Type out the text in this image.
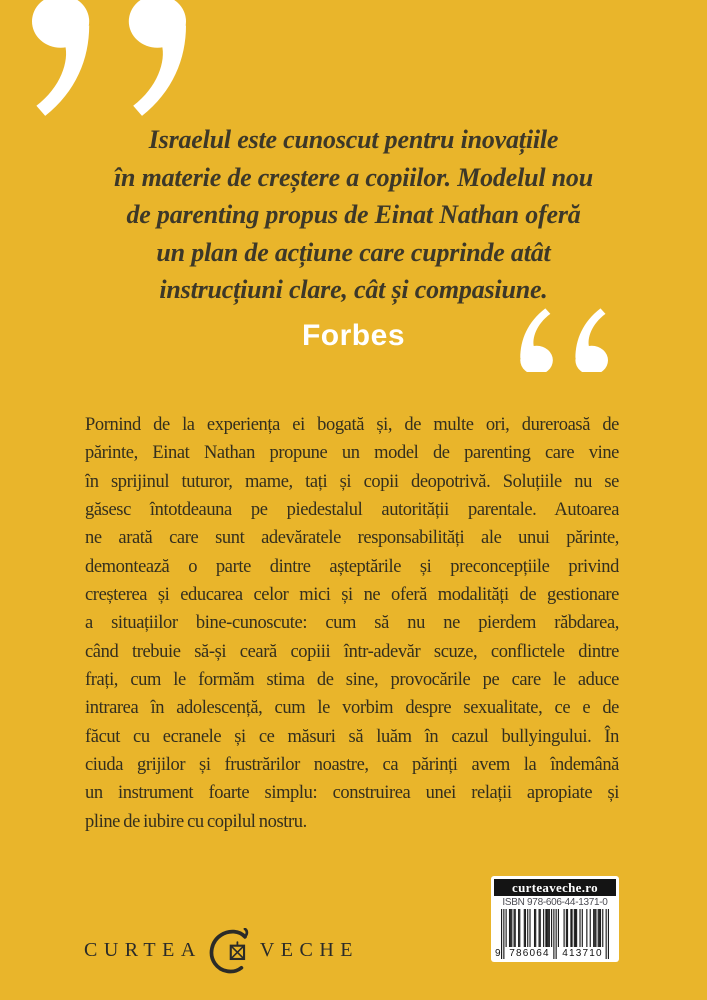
Israelul este cunoscut pentru inovațiile
în materie de creștere a copiilor. Modelul nou
de parenting propus de Einat Nathan oferă
un plan de acțiune care cuprinde atât
instrucțiuni clare, cât și compasiune.
Forbes
Pornind de la experiența ei bogată și, de multe ori, dureroasă de
părinte, Einat Nathan propune un model de parenting care vine
în sprijinul tuturor, mame, tați și copii deopotrivă. Soluțiile nu se
găsesc întotdeauna pe piedestalul autorității parentale. Autoarea
ne arată care sunt adevăratele responsabilități ale unui părinte,
demontează o parte dintre așteptările și preconcepțiile privind
creșterea și educarea celor mici și ne oferă modalități de gestionare
a situațiilor bine-cunoscute: cum să nu ne pierdem răbdarea,
când trebuie să-și ceară copiii într-adevăr scuze, conflictele dintre
frați, cum le formăm stima de sine, provocările pe care le aduce
intrarea în adolescență, cum le vorbim despre sexualitate, ce e de
făcut cu ecranele și ce măsuri să luăm în cazul bullyingului. În
ciuda grijilor și frustrărilor noastre, ca părinți avem la îndemână
un instrument foarte simplu: construirea unei relații apropiate și
pline de iubire cu copilul nostru.
CURTEA	VECHE
curteaveche.ro
ISBN 978-606-44-1371-0
9 786064	413710
